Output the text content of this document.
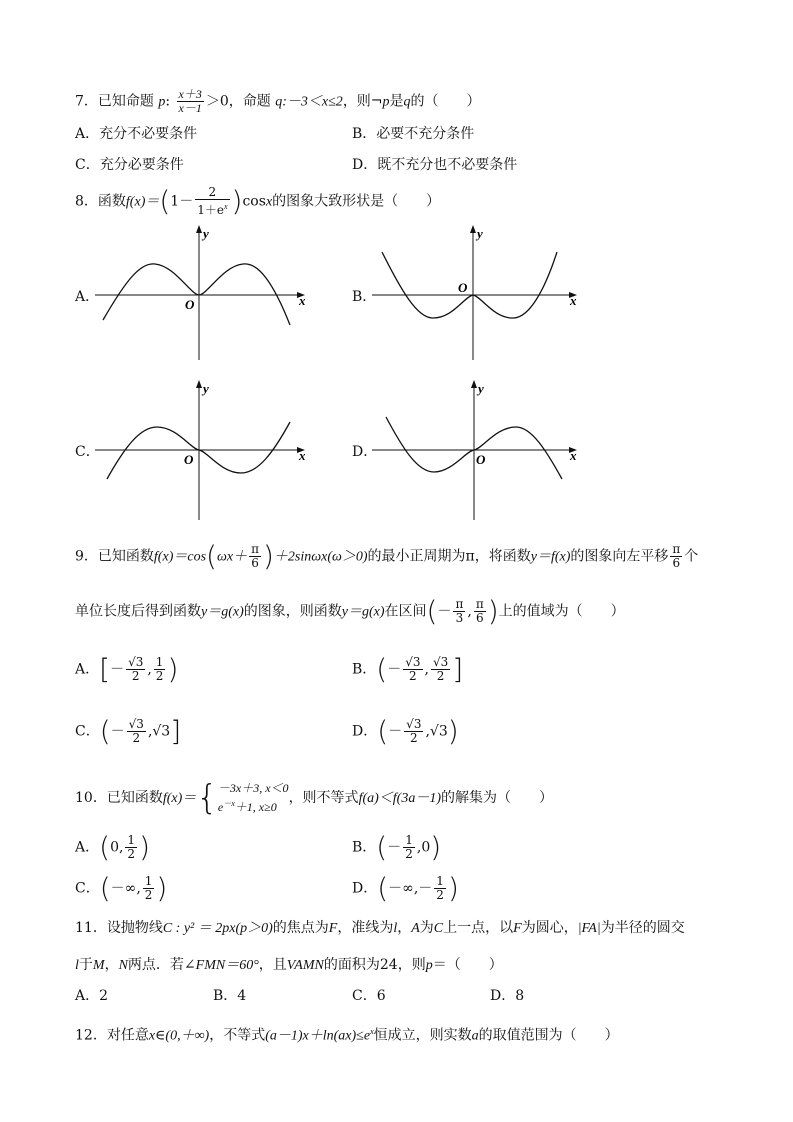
7．已知命题 p: $\frac{x+3}{x-1} >0$，命题 q:－3＜x≤2，则¬p是q的（　　）
A．充分不必要条件	B．必要不充分条件
C．充分必要条件	D．既不充分也不必要条件
8．函数$f(x)=(1- \frac{2}{1+e^x} )\cos x$的图象大致形状是（　　）
A．
y
x
O	B．
y
x
O
C．
y
x
O	D．
y
x
O
9．已知函数$f(x)=\cos(\omega x+ \frac{\pi}{6} )+2\sin\omega x(\omega>0)$的最小正周期为π，将函数y＝f(x)的图象向左平移 $\frac{\pi}{6}$ 个
单位长度后得到函数y＝g(x)的图象，则函数y＝g(x)在区间(－ $\frac{\pi}{3}$ , $\frac{\pi}{6}$ )上的值域为（　　）
A．[－ $\frac{√3}{2}$ , $\frac{1}{2}$ )	B．(－ $\frac{√3}{2}$ , $\frac{√3}{2}$ ]
C．(－ $\frac{√3}{2} ,√3$]	D．(－ $\frac{√3}{2} ,√3$)
10．已知函数f(x)＝{ －3x＋3, x＜0
$e^{-x}+1$, x≥0
，则不等式f(a)＜f(3a－1)的解集为（　　）
A．(0, $\frac{1}{2}$ )	B．(－ $\frac{1}{2} ,0$)
C．(－∞, $\frac{1}{2}$ )	D．(－∞,－ $\frac{1}{2}$ )
11．设抛物线C : y² ＝ 2px(p＞0)的焦点为F，准线为l，A为C上一点，以F为圆心，|FA|为半径的圆交
l于M，N两点．若∠FMN＝60°，且VAMN的面积为24，则p＝（　　）
A．2	B．4	C．6	D．8
12．对任意x∈(0,＋∞)，不等式$(a-1)x+\ln(ax)\le e^x$恒成立，则实数a的取值范围为（　　）
